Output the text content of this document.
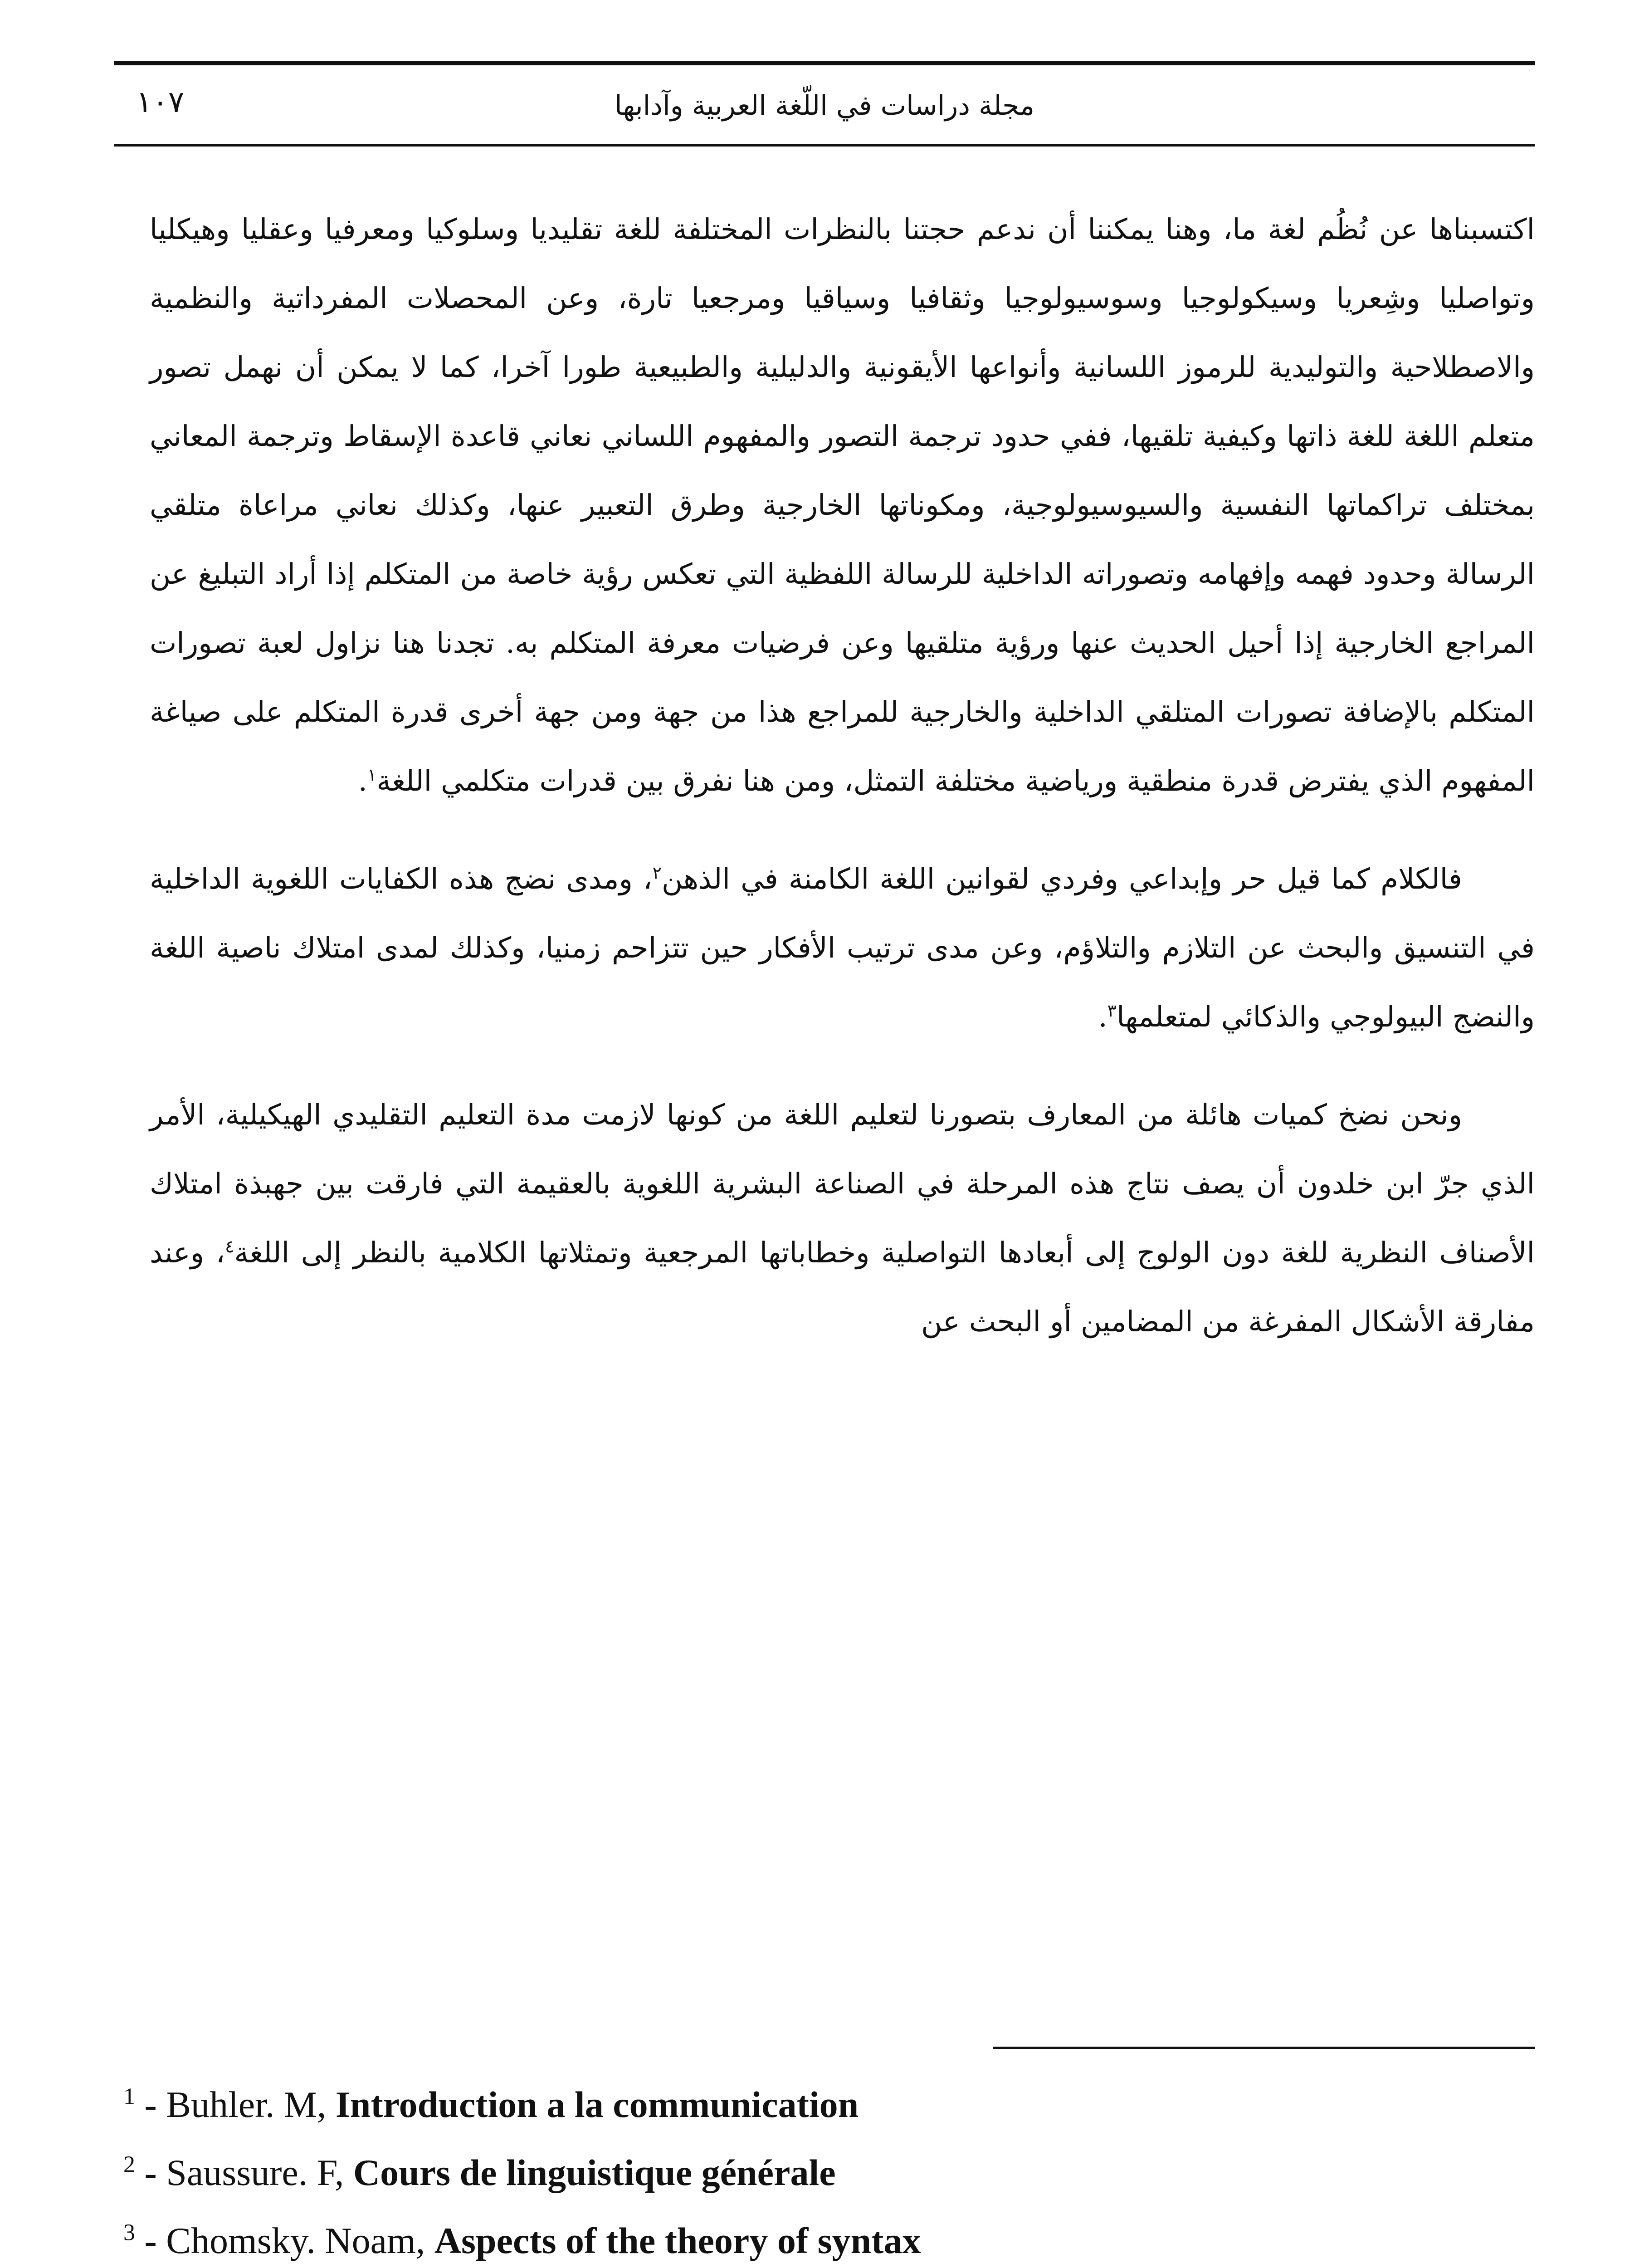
مجلة دراسات في اللّغة العربية وآدابها
١٠٧

اكتسبناها عن نُظُم لغة ما، وهنا يمكننا أن ندعم حجتنا بالنظرات المختلفة للغة تقليديا وسلوكيا ومعرفيا وعقليا وهيكليا وتواصليا وشِعريا وسيكولوجيا وسوسيولوجيا وثقافيا وسياقيا ومرجعيا تارة، وعن المحصلات المفرداتية والنظمية والاصطلاحية والتوليدية للرموز اللسانية وأنواعها الأيقونية والدليلية والطبيعية طورا آخرا، كما لا يمكن أن نهمل تصور متعلم اللغة للغة ذاتها وكيفية تلقيها، ففي حدود ترجمة التصور والمفهوم اللساني نعاني قاعدة الإسقاط وترجمة المعاني بمختلف تراكماتها النفسية والسيوسيولوجية، ومكوناتها الخارجية وطرق التعبير عنها، وكذلك نعاني مراعاة متلقي الرسالة وحدود فهمه وإفهامه وتصوراته الداخلية للرسالة اللفظية التي تعكس رؤية خاصة من المتكلم إذا أراد التبليغ عن المراجع الخارجية إذا أحيل الحديث عنها ورؤية متلقيها وعن فرضيات معرفة المتكلم به. تجدنا هنا نزاول لعبة تصورات المتكلم بالإضافة تصورات المتلقي الداخلية والخارجية للمراجع هذا من جهة ومن جهة أخرى قدرة المتكلم على صياغة المفهوم الذي يفترض قدرة منطقية ورياضية مختلفة التمثل، ومن هنا نفرق بين قدرات متكلمي اللغة$^١$.

فالكلام كما قيل حر وإبداعي وفردي لقوانين اللغة الكامنة في الذهن$^٢$، ومدى نضج هذه الكفايات اللغوية الداخلية في التنسيق والبحث عن التلازم والتلاؤم، وعن مدى ترتيب الأفكار حين تتزاحم زمنيا، وكذلك لمدى امتلاك ناصية اللغة والنضج البيولوجي والذكائي لمتعلمها$^٣$.

ونحن نضخ كميات هائلة من المعارف بتصورنا لتعليم اللغة من كونها لازمت مدة التعليم التقليدي الهيكيلية، الأمر الذي جرّ ابن خلدون أن يصف نتاج هذه المرحلة في الصناعة البشرية اللغوية بالعقيمة التي فارقت بين جهبذة امتلاك الأصناف النظرية للغة دون الولوج إلى أبعادها التواصلية وخطاباتها المرجعية وتمثلاتها الكلامية بالنظر إلى اللغة$^٤$، وعند مفارقة الأشكال المفرغة من المضامين أو البحث عن

$^1$ - Buhler. M, Introduction a la communication
$^2$ - Saussure. F, Cours de linguistique générale
$^3$ - Chomsky. Noam, Aspects of the theory of syntax
